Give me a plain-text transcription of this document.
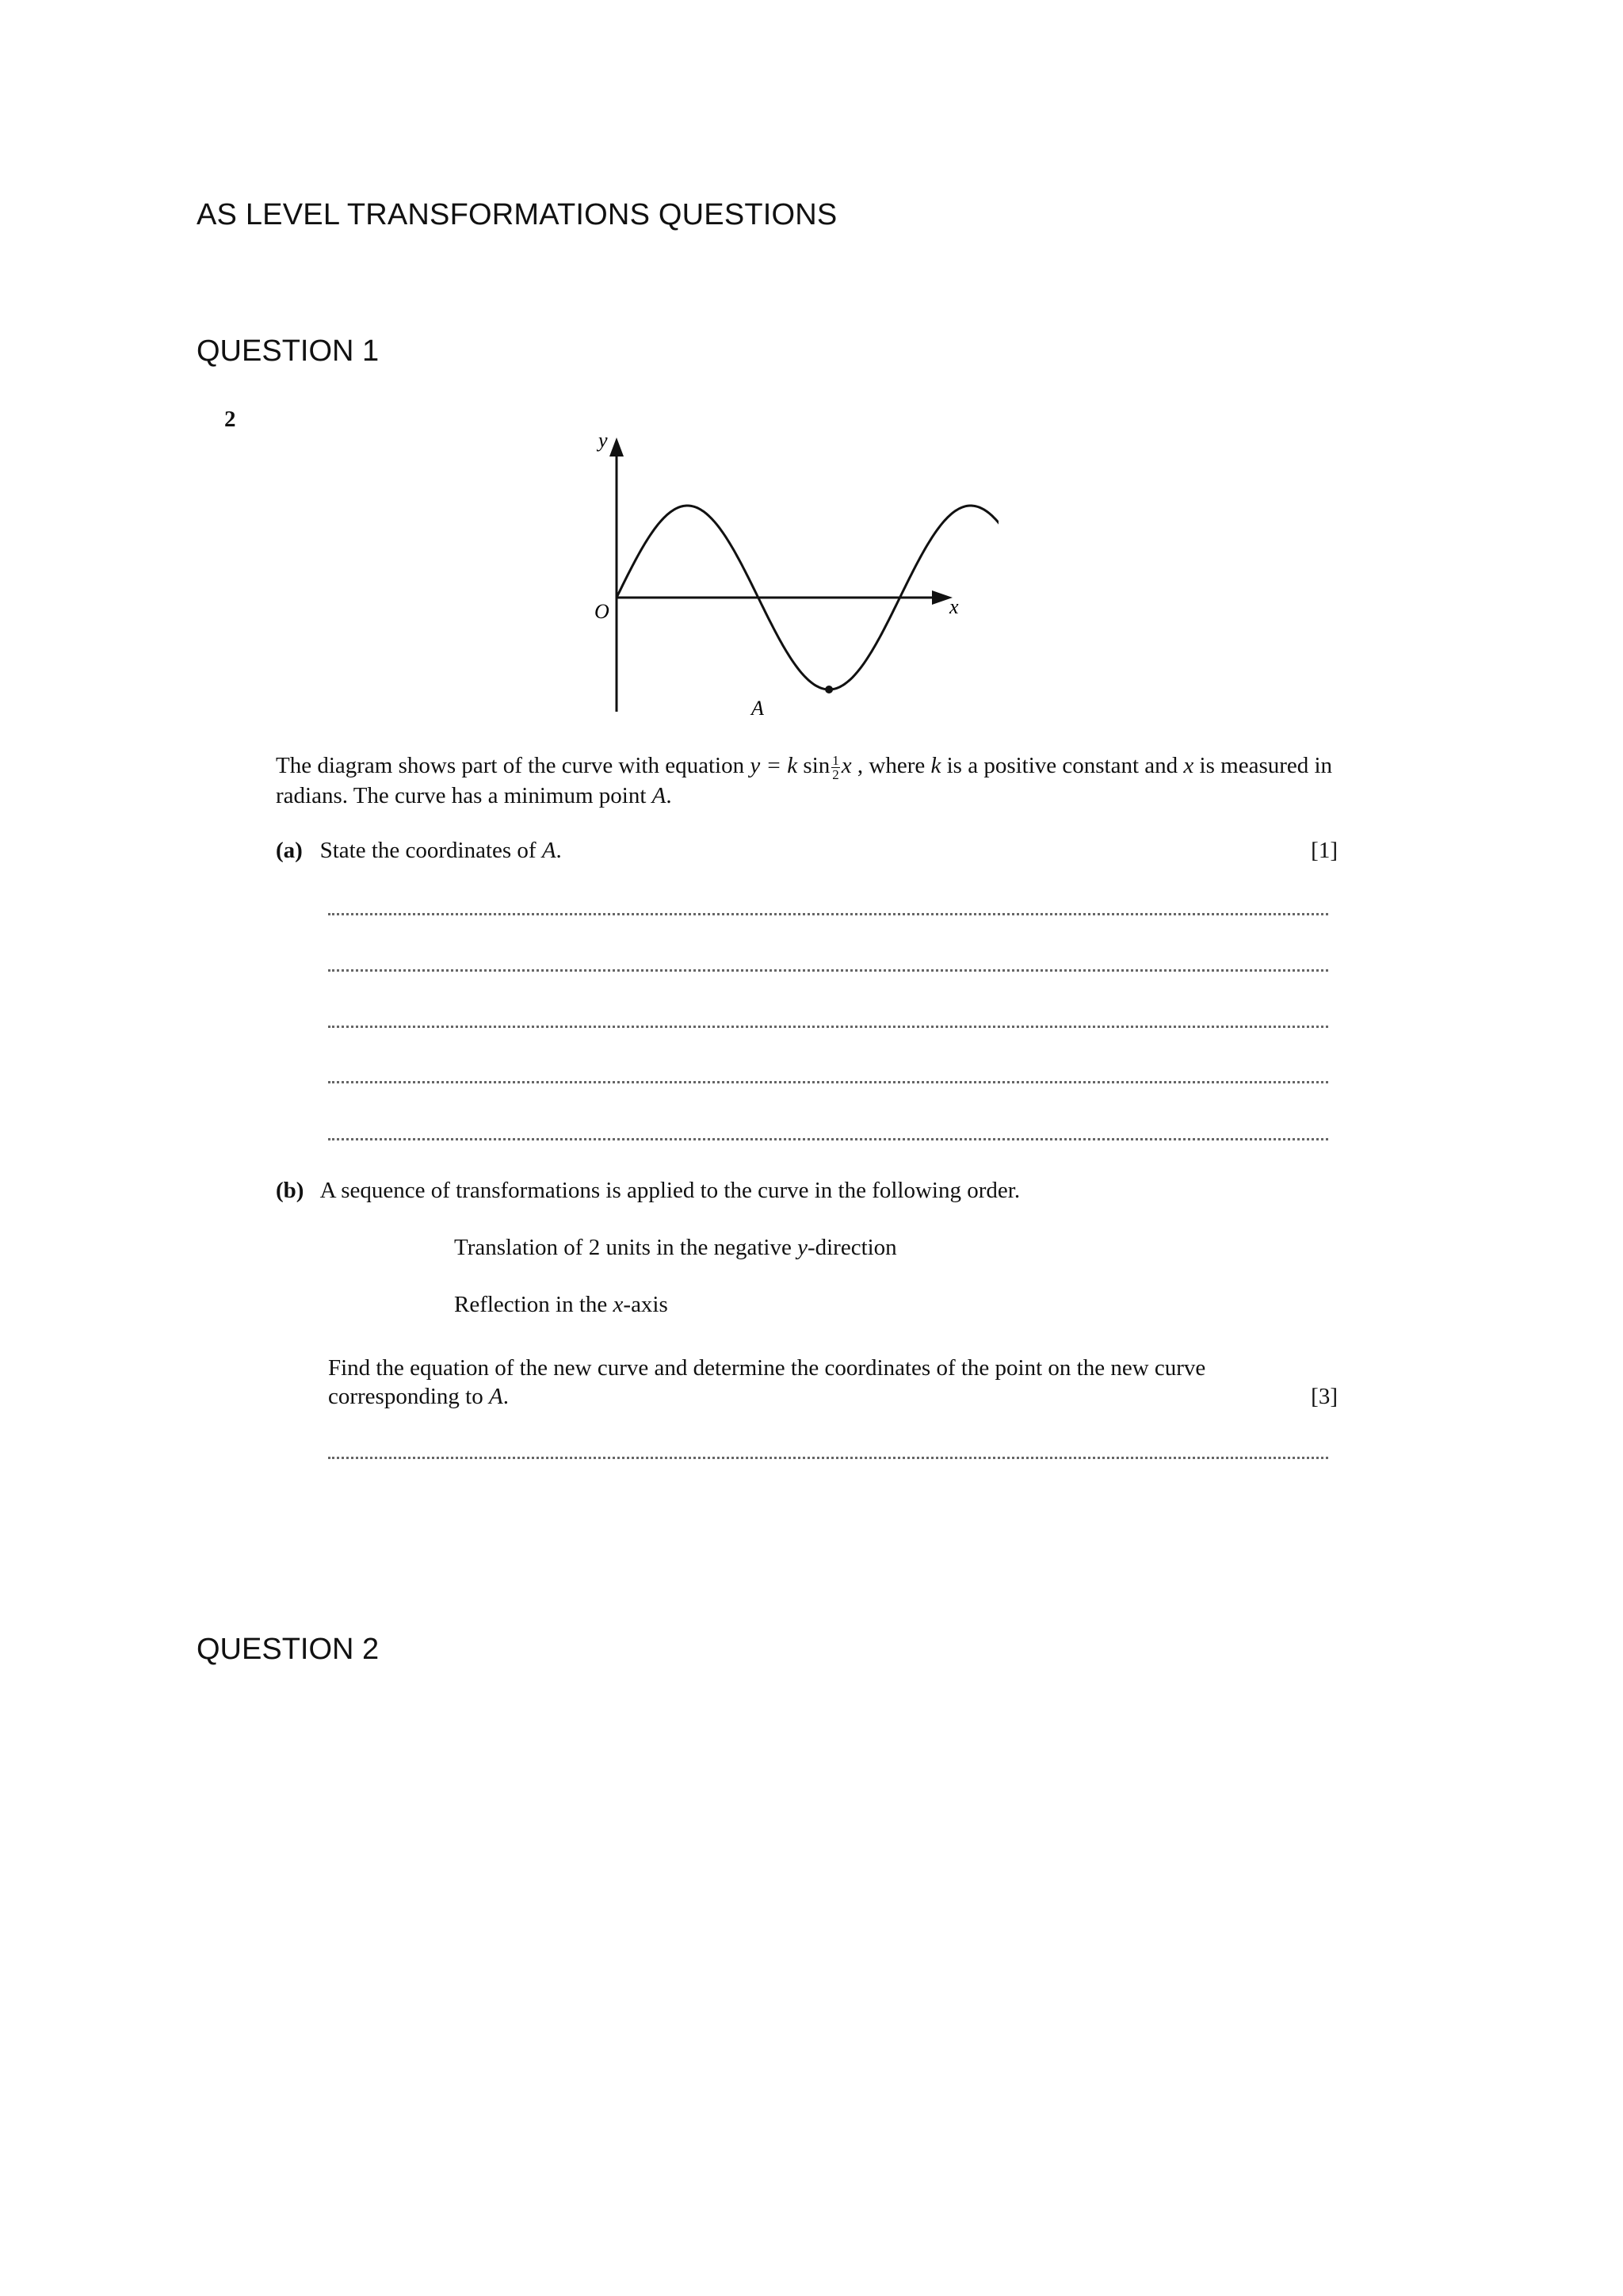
AS LEVEL TRANSFORMATIONS QUESTIONS
QUESTION 1
2
y
x
O
A
The diagram shows part of the curve with equation y = k $\sin \frac{1}{2}$ x , where k is a positive constant and x is measured in radians. The curve has a minimum point A.
(a) State the coordinates of A.	[1]
(b) A sequence of transformations is applied to the curve in the following order.
Translation of 2 units in the negative y-direction
Reflection in the x-axis
Find the equation of the new curve and determine the coordinates of the point on the new curve
corresponding to A.	[3]
QUESTION 2
